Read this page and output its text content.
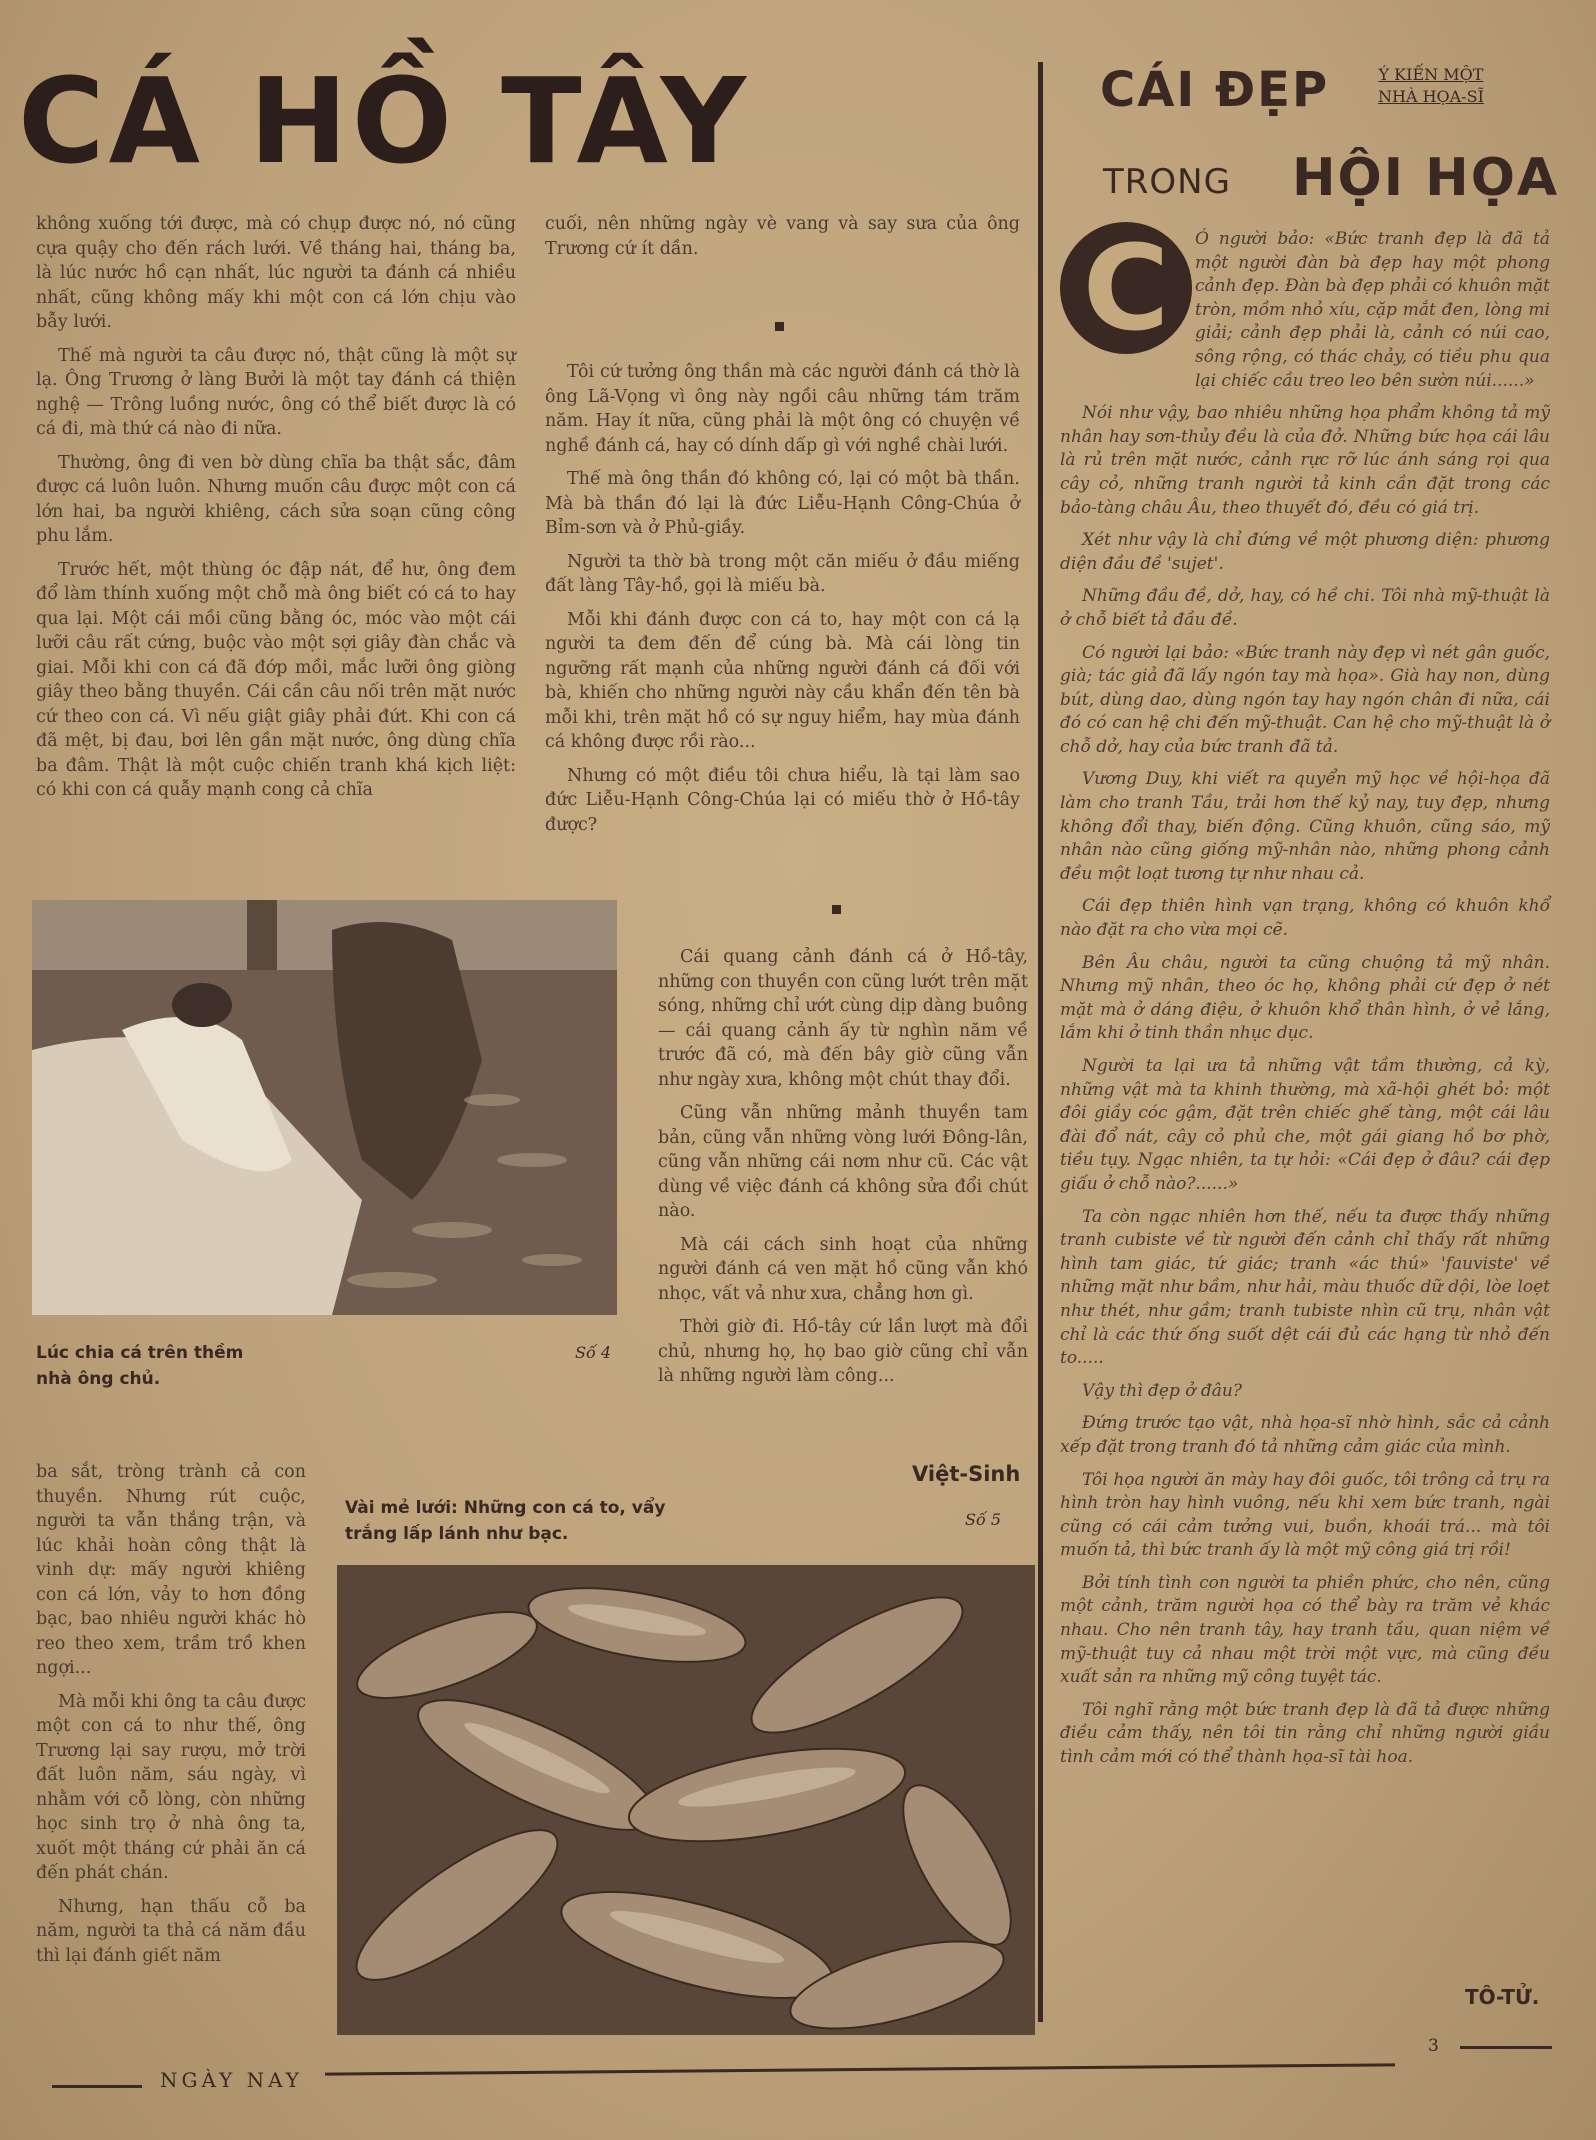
CÁ HỒ TÂY

không xuống tới được, mà có chụp được nó, nó cũng cựa quậy cho đến rách lưới. Về tháng hai, tháng ba, là lúc nước hồ cạn nhất, lúc người ta đánh cá nhiều nhất, cũng không mấy khi một con cá lớn chịu vào bẫy lưới.

Thế mà người ta câu được nó, thật cũng là một sự lạ. Ông Trương ở làng Bưởi là một tay đánh cá thiện nghệ — Trông luồng nước, ông có thể biết được là có cá đi, mà thứ cá nào đi nữa.

Thường, ông đi ven bờ dùng chĩa ba thật sắc, đâm được cá luôn luôn. Nhưng muốn câu được một con cá lớn hai, ba người khiêng, cách sửa soạn cũng công phu lắm.

Trước hết, một thùng óc đập nát, để hư, ông đem đổ làm thính xuống một chỗ mà ông biết có cá to hay qua lại. Một cái mồi cũng bằng óc, móc vào một cái lưỡi câu rất cứng, buộc vào một sợi giây đàn chắc và giai. Mỗi khi con cá đã đớp mồi, mắc lưỡi ông giòng giây theo bằng thuyền. Cái cần câu nối trên mặt nước cứ theo con cá. Vì nếu giật giây phải đứt. Khi con cá đã mệt, bị đau, bơi lên gần mặt nước, ông dùng chĩa ba đâm. Thật là một cuộc chiến tranh khá kịch liệt: có khi con cá quẫy mạnh cong cả chĩa

cuối, nên những ngày vè vang và say sưa của ông Trương cứ ít dần.

Tôi cứ tưởng ông thần mà các người đánh cá thờ là ông Lã-Vọng vì ông này ngồi câu những tám trăm năm. Hay ít nữa, cũng phải là một ông có chuyện về nghề đánh cá, hay có dính dấp gì với nghề chài lưới.

Thế mà ông thần đó không có, lại có một bà thần. Mà bà thần đó lại là đức Liễu-Hạnh Công-Chúa ở Bỉm-sơn và ở Phủ-giầy.

Người ta thờ bà trong một căn miếu ở đầu miếng đất làng Tây-hồ, gọi là miếu bà.

Mỗi khi đánh được con cá to, hay một con cá lạ người ta đem đến để cúng bà. Mà cái lòng tin ngưỡng rất mạnh của những người đánh cá đối với bà, khiến cho những người này cầu khẩn đến tên bà mỗi khi, trên mặt hồ có sự nguy hiểm, hay mùa đánh cá không được rồi rào...

Nhưng có một điều tôi chưa hiểu, là tại làm sao đức Liễu-Hạnh Công-Chúa lại có miếu thờ ở Hồ-tây được?

Lúc chia cá trên thềm nhà ông chủ.
Số 4

Cái quang cảnh đánh cá ở Hồ-tây, những con thuyền con cũng lướt trên mặt sóng, những chỉ ướt cùng dịp dàng buông — cái quang cảnh ấy từ nghìn năm về trước đã có, mà đến bây giờ cũng vẫn như ngày xưa, không một chút thay đổi.

Cũng vẫn những mảnh thuyền tam bản, cũng vẫn những vòng lưới Đông-lân, cũng vẫn những cái nơm như cũ. Các vật dùng về việc đánh cá không sửa đổi chút nào.

Mà cái cách sinh hoạt của những người đánh cá ven mặt hồ cũng vẫn khó nhọc, vất vả như xưa, chẳng hơn gì.

Thời giờ đi. Hồ-tây cứ lần lượt mà đổi chủ, nhưng họ, họ bao giờ cũng chỉ vẫn là những người làm công...

Việt-Sinh

ba sắt, tròng trành cả con thuyền. Nhưng rút cuộc, người ta vẫn thắng trận, và lúc khải hoàn công thật là vinh dự: mấy người khiêng con cá lớn, vảy to hơn đồng bạc, bao nhiêu người khác hò reo theo xem, trầm trồ khen ngợi...

Mà mỗi khi ông ta câu được một con cá to như thế, ông Trương lại say rượu, mở trời đất luôn năm, sáu ngày, vì nhằm với cỗ lòng, còn những học sinh trọ ở nhà ông ta, xuốt một tháng cứ phải ăn cá đến phát chán.

Nhưng, hạn thấu cỗ ba năm, người ta thả cá năm đầu thì lại đánh giết năm

Vài mẻ lưới: Những con cá to, vẩy trắng lấp lánh như bạc.
Số 5
CÁI ĐẸP	Ý KIẾN MỘT
NHÀ HỌA-SĨ
TRONG HỘI HỌA
C	Ó người bảo: «Bức tranh đẹp là đã tả một người đàn bà đẹp hay một phong cảnh đẹp. Đàn bà đẹp phải có khuôn mặt tròn, mồm nhỏ xíu, cặp mắt đen, lòng mi giải; cảnh đẹp phải là, cảnh có núi cao, sông rộng, có thác chảy, có tiều phu qua lại chiếc cầu treo leo bên sườn núi......»

Nói như vậy, bao nhiêu những họa phẩm không tả mỹ nhân hay sơn-thủy đều là của đở. Những bức họa cái lâu là rủ trên mặt nước, cảnh rực rỡ lúc ánh sáng rọi qua cây cỏ, những tranh người tả kinh cần đặt trong các bảo-tàng châu Âu, theo thuyết đó, đều có giá trị.

Xét như vậy là chỉ đứng về một phương diện: phương diện đầu đề 'sujet'.

Những đầu đề, dở, hay, có hề chi. Tôi nhà mỹ-thuật là ở chỗ biết tả đầu đề.

Có người lại bảo: «Bức tranh này đẹp vì nét gân guốc, già; tác giả đã lấy ngón tay mà họa». Già hay non, dùng bút, dùng dao, dùng ngón tay hay ngón chân đi nữa, cái đó có can hệ chi đến mỹ-thuật. Can hệ cho mỹ-thuật là ở chỗ dở, hay của bức tranh đã tả.

Vương Duy, khi viết ra quyển mỹ học về hội-họa đã làm cho tranh Tầu, trải hơn thế kỷ nay, tuy đẹp, nhưng không đổi thay, biến động. Cũng khuôn, cũng sáo, mỹ nhân nào cũng giống mỹ-nhân nào, những phong cảnh đều một loạt tương tự như nhau cả.

Cái đẹp thiên hình vạn trạng, không có khuôn khổ nào đặt ra cho vừa mọi cẽ.

Bên Âu châu, người ta cũng chuộng tả mỹ nhân. Nhưng mỹ nhân, theo óc họ, không phải cứ đẹp ở nét mặt mà ở dáng điệu, ở khuôn khổ thân hình, ở vẻ lắng, lắm khi ở tinh thần nhục dục.

Người ta lại ưa tả những vật tầm thường, cả kỳ, những vật mà ta khinh thường, mà xã-hội ghét bỏ: một đôi giầy cóc gậm, đặt trên chiếc ghế tàng, một cái lâu đài đổ nát, cây cỏ phủ che, một gái giang hồ bơ phờ, tiều tụy. Ngạc nhiên, ta tự hỏi: «Cái đẹp ở đâu? cái đẹp giấu ở chỗ nào?......»

Ta còn ngạc nhiên hơn thế, nếu ta được thấy những tranh cubiste về từ người đến cảnh chỉ thấy rất những hình tam giác, tứ giác; tranh «ác thú» 'fauviste' về những mặt như bầm, như hải, màu thuốc dữ dội, lòe loẹt như thét, như gầm; tranh tubiste nhìn cũ trụ, nhân vật chỉ là các thứ ống suốt dệt cái đủ các hạng từ nhỏ đến to.....

Vậy thì đẹp ở đâu?

Đứng trước tạo vật, nhà họa-sĩ nhờ hình, sắc cả cảnh xếp đặt trong tranh đó tả những cảm giác của mình.

Tôi họa người ăn mày hay đôi guốc, tôi trông cả trụ ra hình tròn hay hình vuông, nếu khi xem bức tranh, ngài cũng có cái cảm tưởng vui, buồn, khoái trá... mà tôi muốn tả, thì bức tranh ấy là một mỹ công giá trị rồi!

Bởi tính tình con người ta phiền phức, cho nên, cũng một cảnh, trăm người họa có thể bày ra trăm vẻ khác nhau. Cho nên tranh tây, hay tranh tầu, quan niệm về mỹ-thuật tuy cả nhau một trời một vực, mà cũng đều xuất sản ra những mỹ công tuyệt tác.

Tôi nghĩ rằng một bức tranh đẹp là đã tả được những điều cảm thấy, nên tôi tin rằng chỉ những người giầu tình cảm mới có thể thành họa-sĩ tài hoa.

TÔ-TỬ.
NGÀY NAY
3
